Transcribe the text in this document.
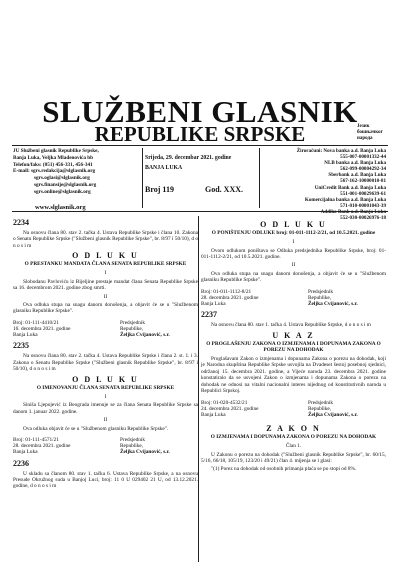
SLUŽBENI GLASNIK
REPUBLIKE SRPSKE	Језик
бошњачког народа
JU Službeni glasnik Republike Srpske,
Banja Luka, Veljka Mlađenovića bb
Telefon/faks: (051) 456-331, 456-341
E-mail: sgrs.redakcija@slglasnik.org
sgrs.oglasi@slglasnik.org
sgrs.finansije@slglasnik.org
sgrs.online@slglasnik.org
www.slglasnik.org
Srijeda, 29. decembar 2021. godine
BANJA LUKA
Broj 119	God. XXX.
Žiroračuni: Nova banka a.d. Banja Luka
555-007-00001332-44
NLB banka a.d. Banja Luka
562-099-00004292-34
Sberbank a.d. Banja Luka
567-162-10000010-81
UniCredit Bank a.d. Banja Luka
551-001-00029639-61
Komercijalna banka a.d. Banja Luka
571-010-00001043-39
Addiko Bank a.d. Banja Luka
552-030-00026976-18
2234

Na osnovu člana 80. stav 2. tačka 4. Ustava Republike Srpske i člana 10. Zakona o Senatu Republike Srpske ("Službeni glasnik Republike Srpske", br. 8/97 i 50/10), d o n o s i m

O D L U K U
O PRESTANKU MANDATA ČLANA SENATA REPUBLIKE SRPSKE
I

Slobodanu Pavloviću iz Bijeljine prestaje mandat člana Senata Republike Srpske sa 16. decembrom 2021. godine zbog smrti.

II

Ova odluka stupa na snagu danom donošenja, a objavit će se u "Službenom glasniku Republike Srpske".

Broj: 01-111-4410/21	Predsjednik
16. decembra 2021. godine	Republike,
Banja Luka	Željka Cvijanović, s.r.
2235

Na osnovu člana 80. stav 2. tačka 4. Ustava Republike Srpske i člana 2. st. 1. i 3. Zakona o Senatu Republike Srpske ("Službeni glasnik Republike Srpske", br. 8/97 i 50/10), d o n o s i m

O D L U K U
O IMENOVANJU ČLANA SENATA REPUBLIKE SRPSKE
I

Siniša Ljepojević iz Beograda imenuje se za člana Senata Republike Srpske sa danom 1. januar 2022. godine.

II

Ova odluka objavit će se u "Službenom glasniku Republike Srpske".

Broj: 01-111-4571/21	Predsjednik
28. decembra 2021. godine	Republike,
Banja Luka	Željka Cvijanović, s.r.
2236

U skladu sa članom 80. stav 1. tačka 6. Ustava Republike Srpske, a na osnovu Presude Okružnog suda u Banjoj Luci, broj: 11 0 U 029402 21 U, od 13.12.2021. godine, d o n o s i m

O D L U K U
O PONIŠTENJU ODLUKE broj: 01-011-1112-2/21, od 10.5.2021. godine
I

Ovom odlukom poništava se Odluka predsjednika Republike Srpske, broj: 01-011-1112-2/21, od 10.5.2021. godine.

II

Ova odluka stupa na snagu danom donošenja, a objavit će se u "Službenom glasniku Republike Srpske".

Broj: 01-011-1112-8/21	Predsjednik
28. decembra 2021. godine	Republike,
Banja Luka	Željka Cvijanović, s.r.
2237

Na osnovu člana 80. stav 1. tačka 4. Ustava Republike Srpske, d o n o s i m

U K A Z
O PROGLAŠENJU ZAKONA O IZMJENAMA I DOPUNAMA ZAKONA O POREZU NA DOHODAK

Proglašavam Zakon o izmjenama i dopunama Zakona o porezu na dohodak, koji je Narodna skupština Republike Srpske usvojila na Dvadeset šestoj posebnoj sjednici, održanoj 15. decembra 2021. godine, a Vijeće naroda 23. decembra 2021. godine konstatiralo da se usvojeni Zakon o izmjenama i dopunama Zakona o porezu na dohodak ne odnosi na vitalni nacionalni interes nijednog od konstitutivnih naroda u Republici Srpskoj.

Broj: 01-020-4532/21	Predsjednik
24. decembra 2021. godine	Republike,
Banja Luka	Željka Cvijanović, s.r.
Z A K O N
O IZMJENAMA I DOPUNAMA ZAKONA O POREZU NA DOHODAK
Član 1.

U Zakonu o porezu na dohodak ("Službeni glasnik Republike Srpske", br. 60/15, 5/16, 66/18, 105/19, 123/20 i 49/21) član 4. mijenja se i glasi:

"(1) Porez na dohodak od osobnih primanja plaća se po stopi od 8%.
